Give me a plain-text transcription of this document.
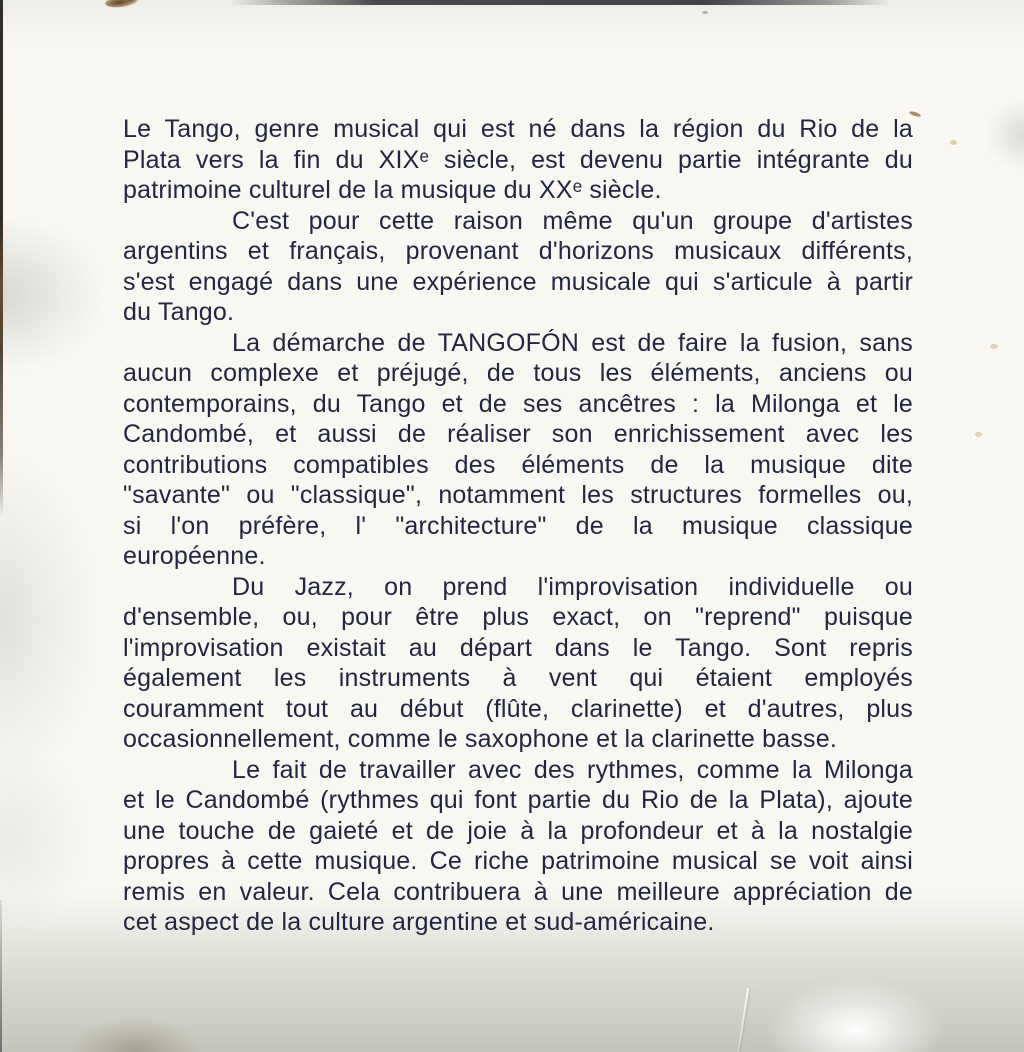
Le Tango, genre musical qui est né dans la région du Rio de la
Plata vers la fin du XIXᵉ siècle, est devenu partie intégrante du
patrimoine culturel de la musique du XXᵉ siècle.
C'est pour cette raison même qu'un groupe d'artistes
argentins et français, provenant d'horizons musicaux différents,
s'est engagé dans une expérience musicale qui s'articule à partir
du Tango.
La démarche de TANGOFÓN est de faire la fusion, sans
aucun complexe et préjugé, de tous les éléments, anciens ou
contemporains, du Tango et de ses ancêtres : la Milonga et le
Candombé, et aussi de réaliser son enrichissement avec les
contributions compatibles des éléments de la musique dite
"savante" ou "classique", notamment les structures formelles ou,
si l'on préfère, l' "architecture" de la musique classique
européenne.
Du Jazz, on prend l'improvisation individuelle ou
d'ensemble, ou, pour être plus exact, on "reprend" puisque
l'improvisation existait au départ dans le Tango. Sont repris
également les instruments à vent qui étaient employés
couramment tout au début (flûte, clarinette) et d'autres, plus
occasionnellement, comme le saxophone et la clarinette basse.
Le fait de travailler avec des rythmes, comme la Milonga
et le Candombé (rythmes qui font partie du Rio de la Plata), ajoute
une touche de gaieté et de joie à la profondeur et à la nostalgie
propres à cette musique. Ce riche patrimoine musical se voit ainsi
remis en valeur. Cela contribuera à une meilleure appréciation de
cet aspect de la culture argentine et sud-américaine.
